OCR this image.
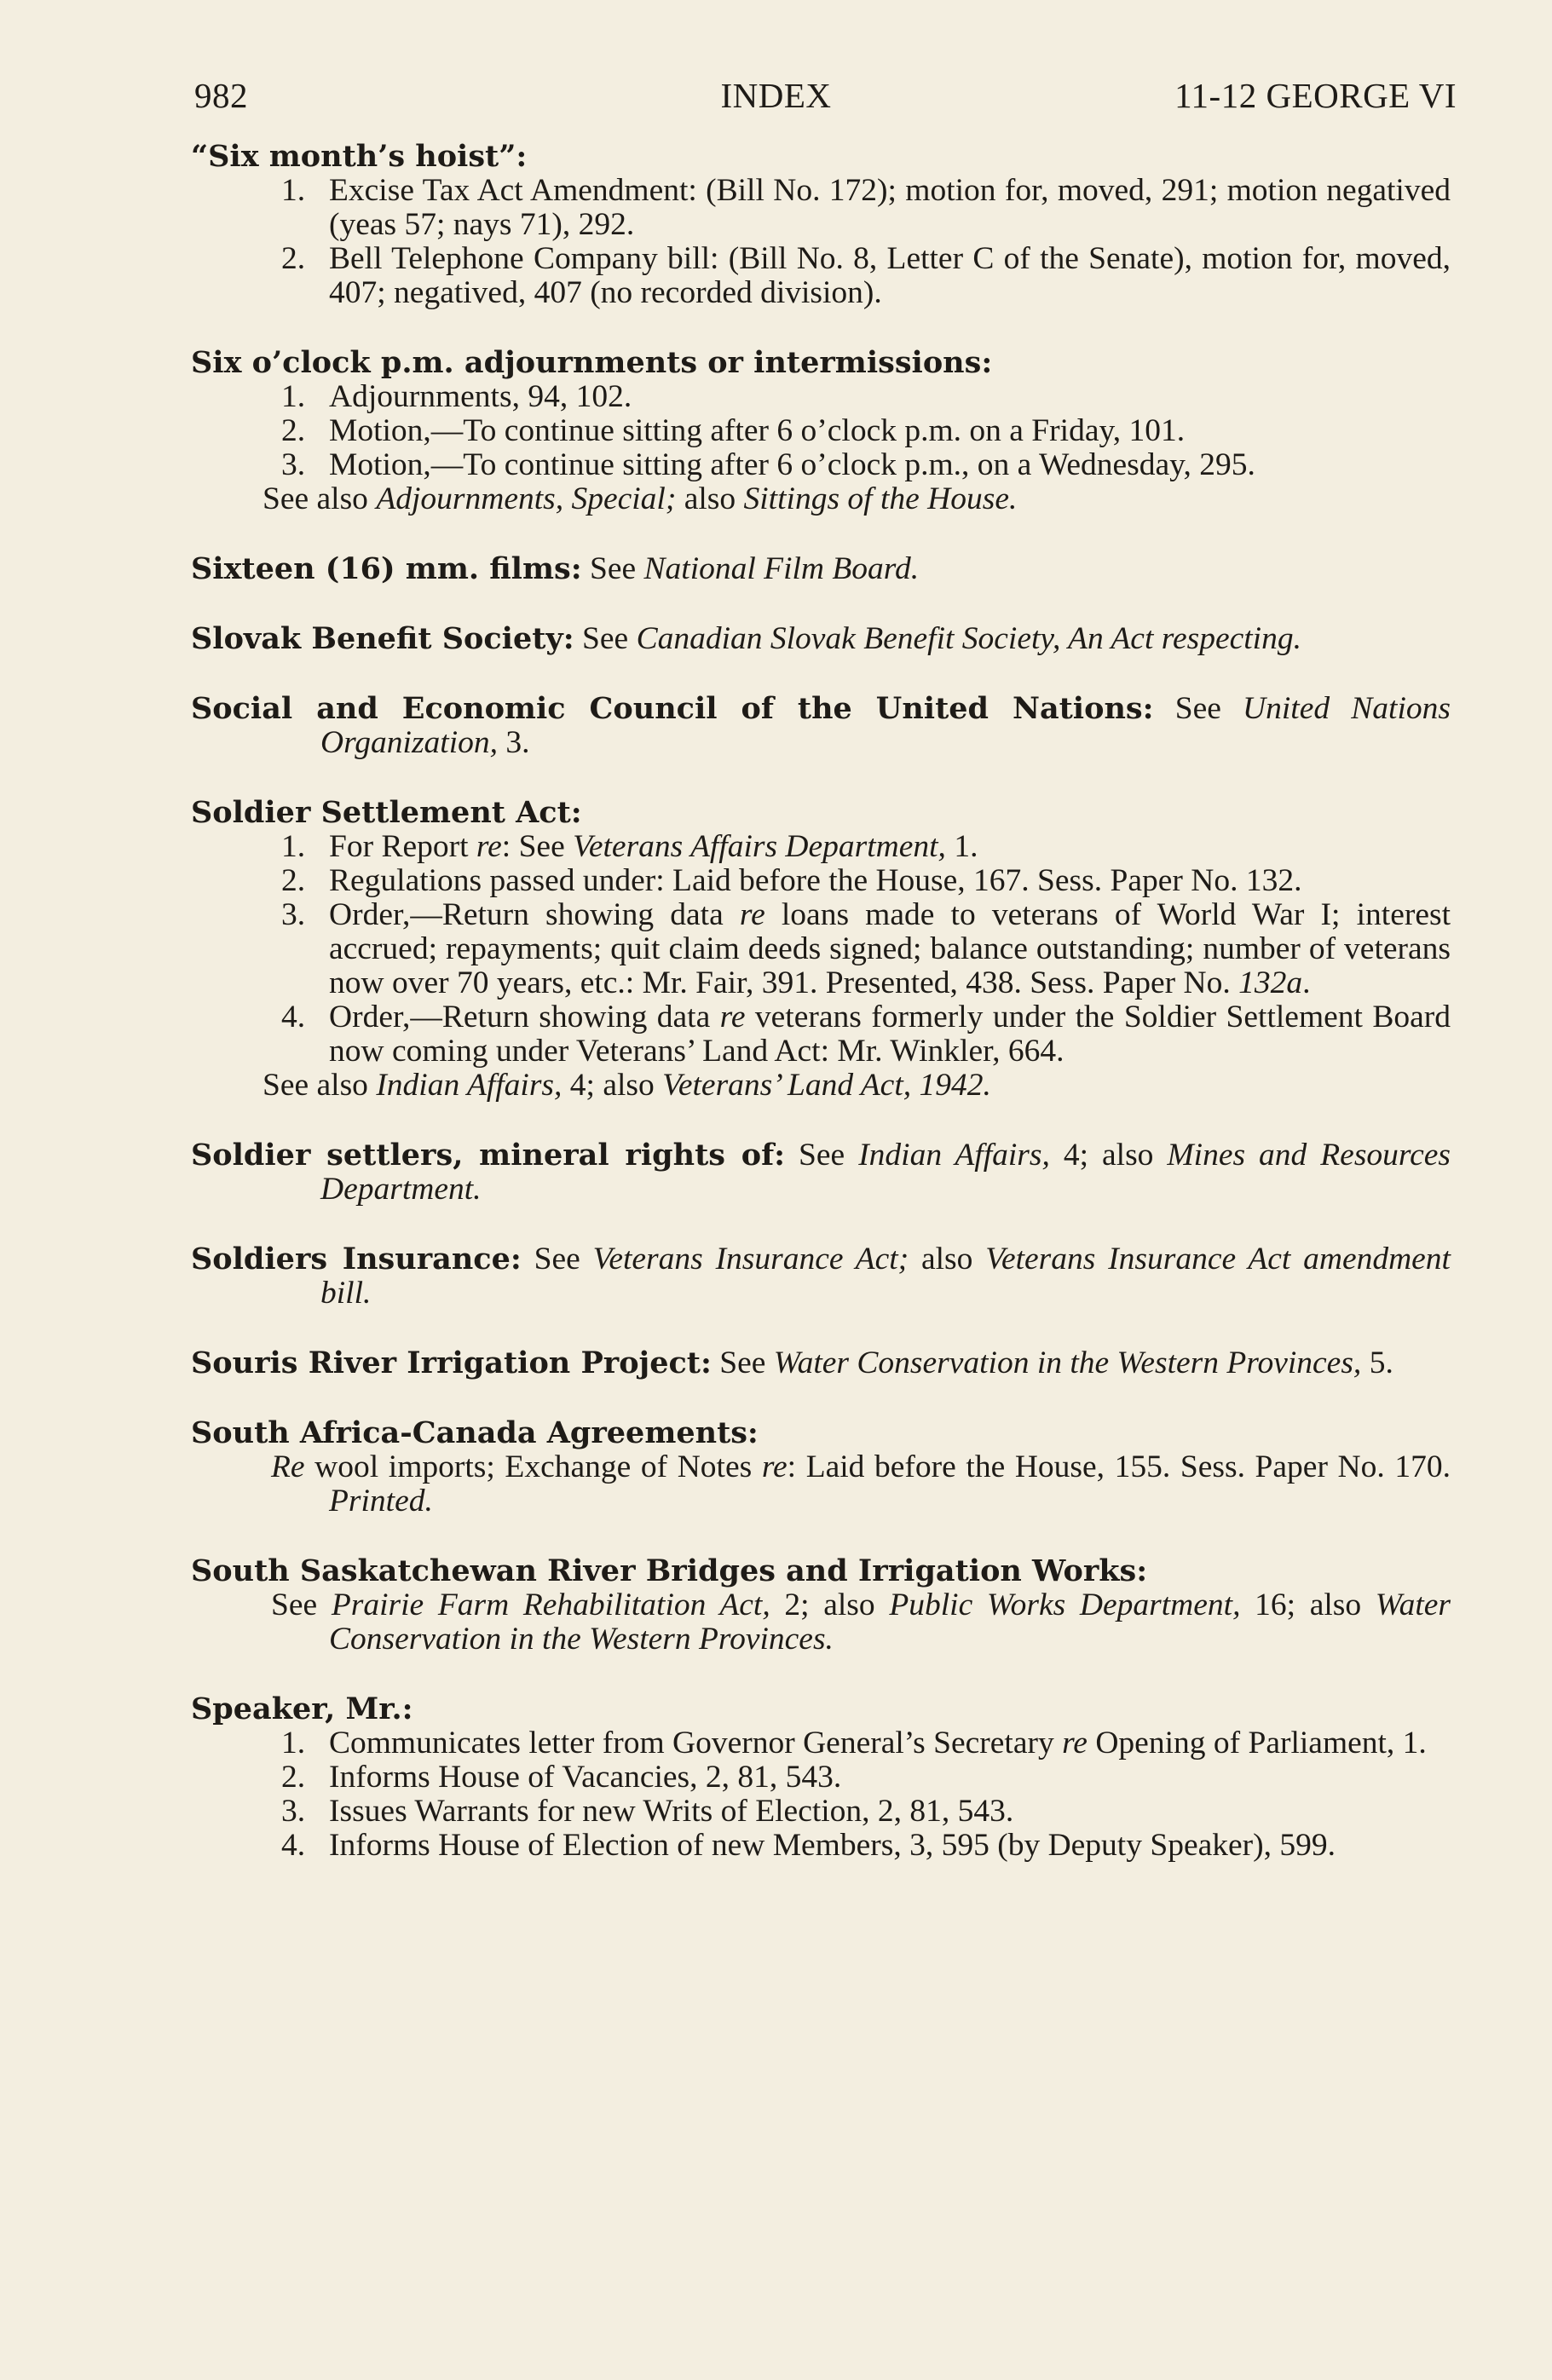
982	INDEX	11-12 GEORGE VI

“Six month’s hoist”:

1. Excise Tax Act Amendment: (Bill No. 172); motion for, moved, 291; motion negatived (yeas 57; nays 71), 292.
2. Bell Telephone Company bill: (Bill No. 8, Letter C of the Senate), motion for, moved, 407; negatived, 407 (no recorded division).

Six o’clock p.m. adjournments or intermissions:

1. Adjournments, 94, 102.
2. Motion,—To continue sitting after 6 o’clock p.m. on a Friday, 101.
3. Motion,—To continue sitting after 6 o’clock p.m., on a Wednesday, 295.

See also Adjournments, Special; also Sittings of the House.

Sixteen (16) mm. films: See National Film Board.

Slovak Benefit Society: See Canadian Slovak Benefit Society, An Act respecting.

Social and Economic Council of the United Nations: See United Nations Organization, 3.

Soldier Settlement Act:

1. For Report re: See Veterans Affairs Department, 1.
2. Regulations passed under: Laid before the House, 167. Sess. Paper No. 132.
3. Order,—Return showing data re loans made to veterans of World War I; interest accrued; repayments; quit claim deeds signed; balance outstanding; number of veterans now over 70 years, etc.: Mr. Fair, 391. Presented, 438. Sess. Paper No. 132a.
4. Order,—Return showing data re veterans formerly under the Soldier Settlement Board now coming under Veterans’ Land Act: Mr. Winkler, 664.

See also Indian Affairs, 4; also Veterans’ Land Act, 1942.

Soldier settlers, mineral rights of: See Indian Affairs, 4; also Mines and Resources Department.

Soldiers Insurance: See Veterans Insurance Act; also Veterans Insurance Act amendment bill.

Souris River Irrigation Project: See Water Conservation in the Western Provinces, 5.

South Africa-Canada Agreements:

Re wool imports; Exchange of Notes re: Laid before the House, 155. Sess. Paper No. 170. Printed.

South Saskatchewan River Bridges and Irrigation Works:

See Prairie Farm Rehabilitation Act, 2; also Public Works Department, 16; also Water Conservation in the Western Provinces.

Speaker, Mr.:

1. Communicates letter from Governor General’s Secretary re Opening of Parliament, 1.
2. Informs House of Vacancies, 2, 81, 543.
3. Issues Warrants for new Writs of Election, 2, 81, 543.
4. Informs House of Election of new Members, 3, 595 (by Deputy Speaker), 599.
